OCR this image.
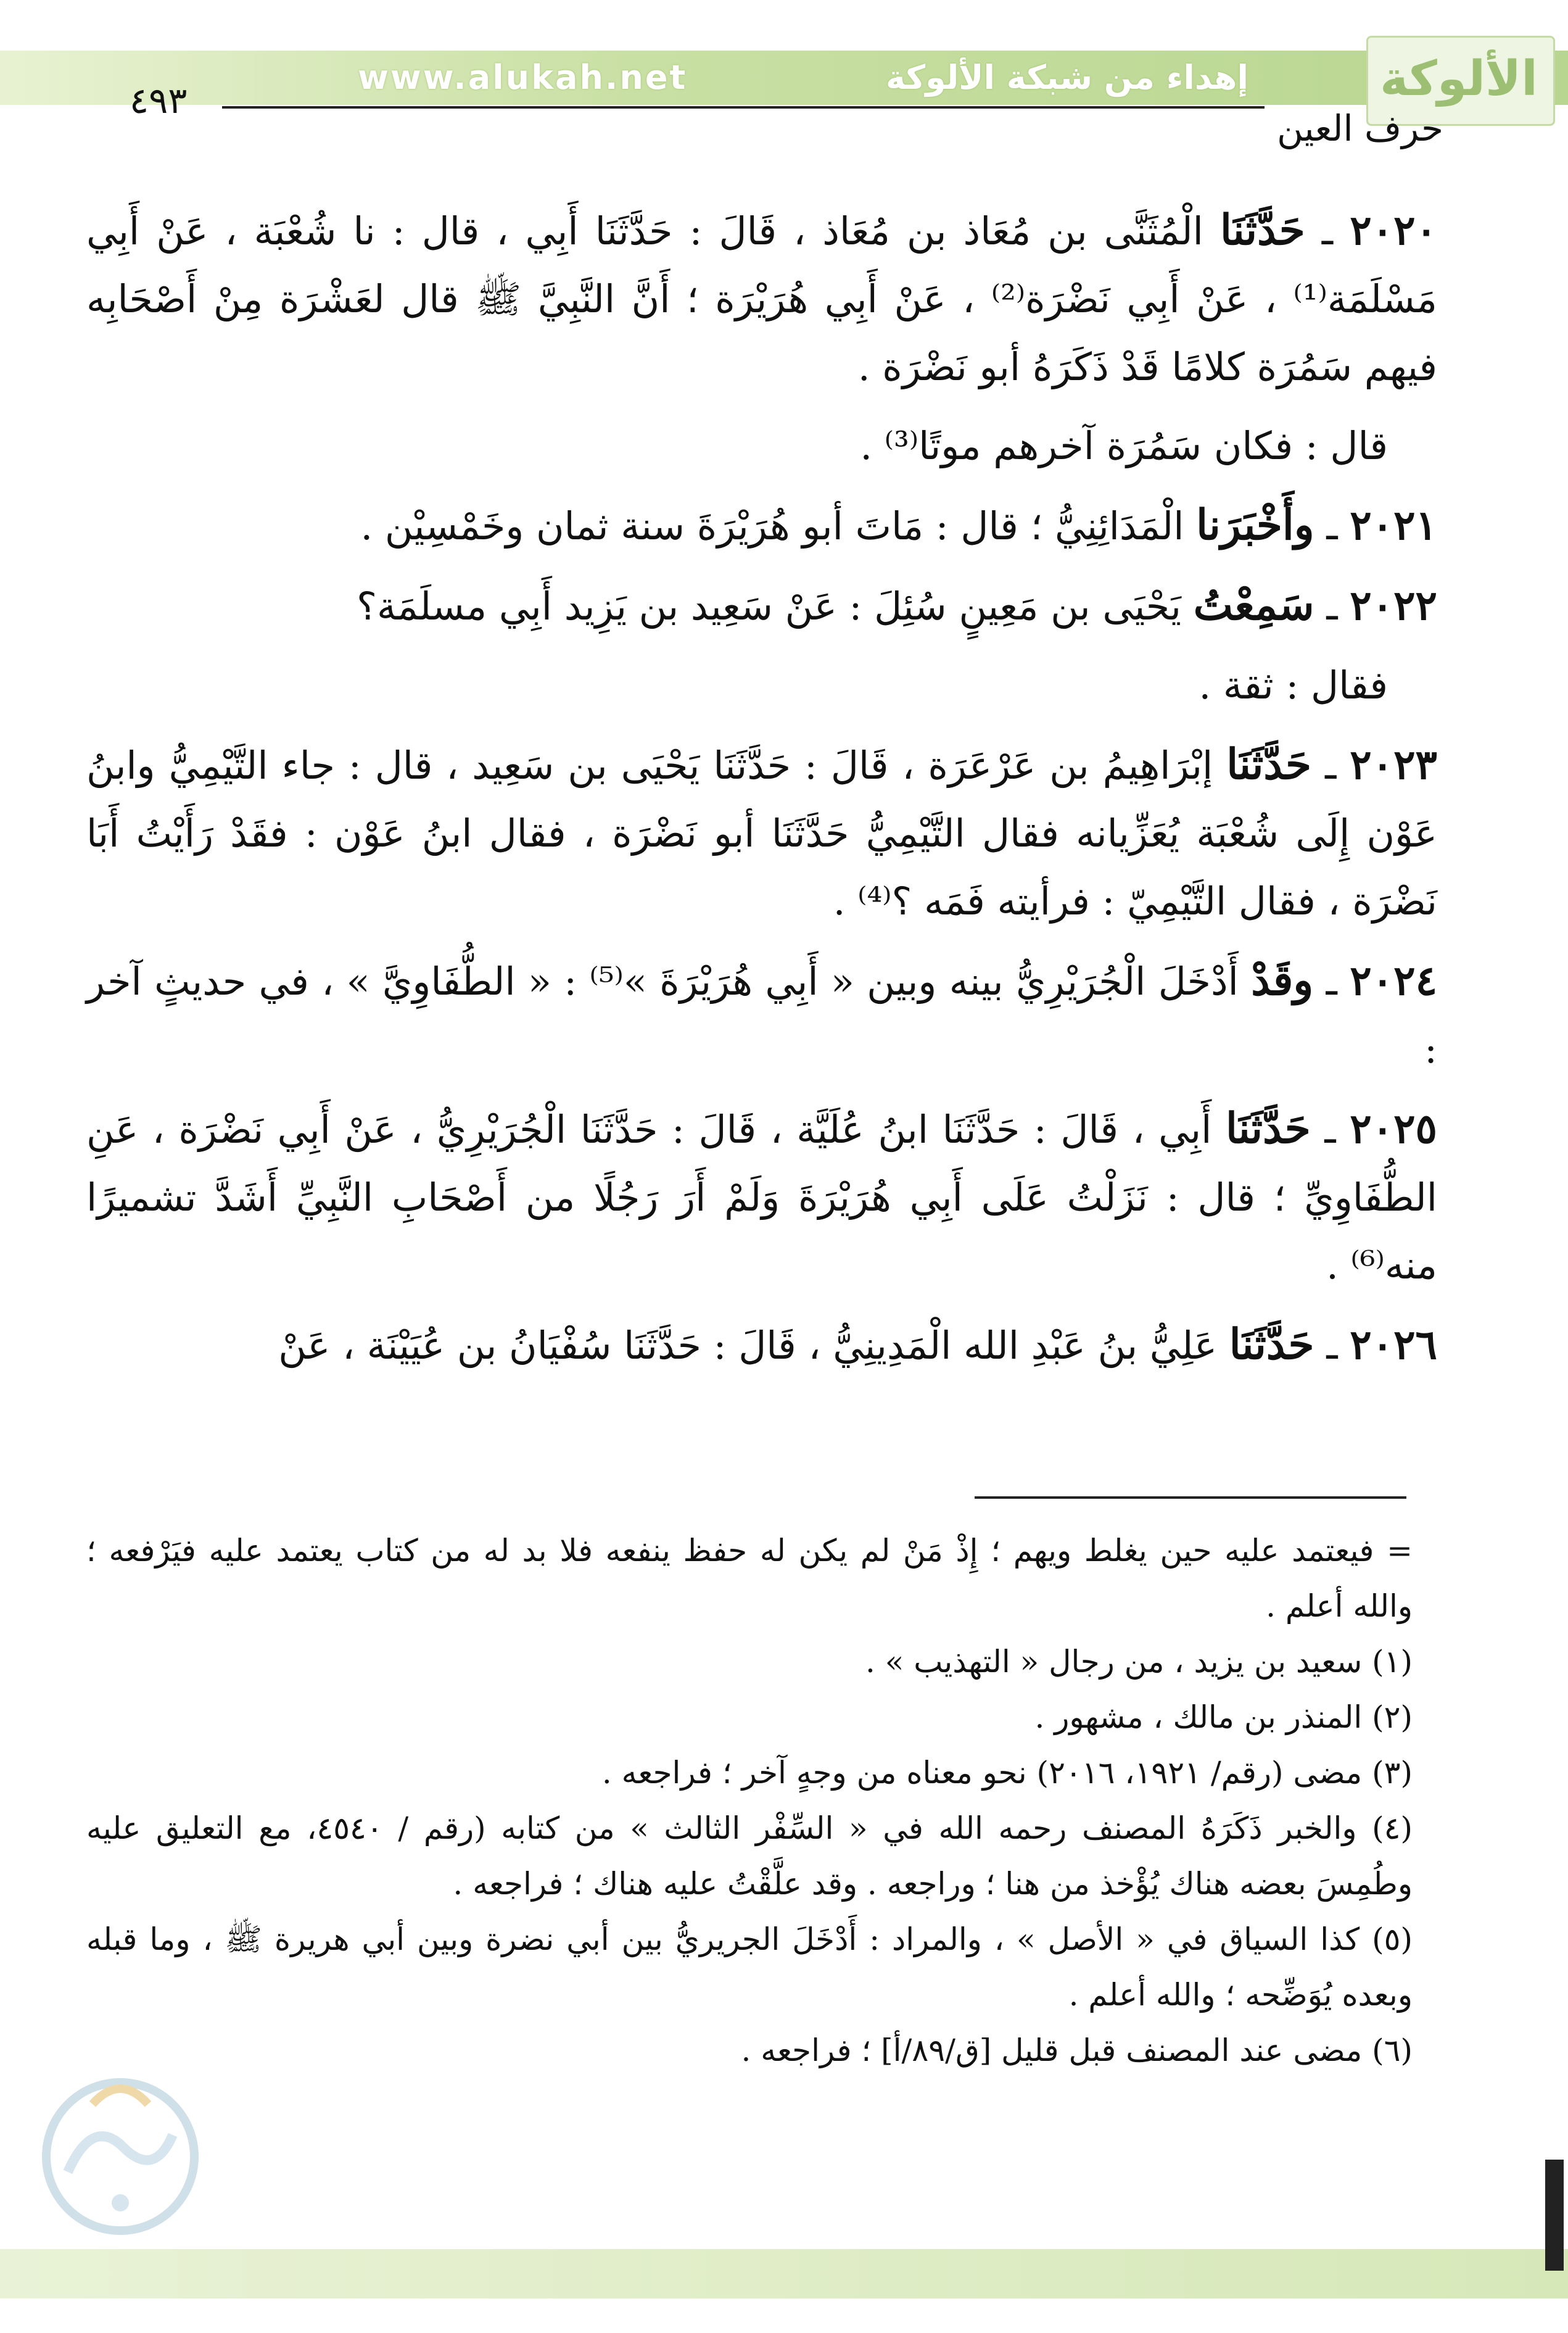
www.alukah.net	إهداء من شبكة الألوكة	الألوكة
٤٩٣
حرف العين

٢٠٢٠ ـ حَدَّثَنَا الْمُثَنَّى بن مُعَاذ بن مُعَاذ ، قَالَ : حَدَّثَنَا أَبِي ، قال : نا شُعْبَة ، عَنْ أَبِي مَسْلَمَة⁽¹⁾ ، عَنْ أَبِي نَضْرَة⁽²⁾ ، عَنْ أَبِي هُرَيْرَة ؛ أَنَّ النَّبِيَّ ﷺ قال لعَشْرَة مِنْ أَصْحَابِه فيهم سَمُرَة كلامًا قَدْ ذَكَرَهُ أبو نَضْرَة .

قال : فكان سَمُرَة آخرهم موتًا⁽³⁾ .

٢٠٢١ ـ وأَخْبَرَنا الْمَدَائِنِيُّ ؛ قال : مَاتَ أبو هُرَيْرَةَ سنة ثمان وخَمْسِيْن .

٢٠٢٢ ـ سَمِعْتُ يَحْيَى بن مَعِينٍ سُئِلَ : عَنْ سَعِيد بن يَزِيد أَبِي مسلَمَة؟

فقال : ثقة .

٢٠٢٣ ـ حَدَّثَنَا إبْرَاهِيمُ بن عَرْعَرَة ، قَالَ : حَدَّثَنَا يَحْيَى بن سَعِيد ، قال : جاء التَّيْمِيُّ وابنُ عَوْن إِلَى شُعْبَة يُعَزِّيانه فقال التَّيْمِيُّ حَدَّثَنَا أبو نَضْرَة ، فقال ابنُ عَوْن : فقَدْ رَأَيْتُ أَبَا نَضْرَة ، فقال التَّيْمِيّ : فرأيته فَمَه ؟⁽⁴⁾ .

٢٠٢٤ ـ وقَدْ أَدْخَلَ الْجُرَيْرِيُّ بينه وبين « أَبِي هُرَيْرَةَ »⁽⁵⁾ : « الطُّفَاوِيَّ » ، في حديثٍ آخر :

٢٠٢٥ ـ حَدَّثَنَا أَبِي ، قَالَ : حَدَّثَنَا ابنُ عُلَيَّة ، قَالَ : حَدَّثَنَا الْجُرَيْرِيُّ ، عَنْ أَبِي نَضْرَة ، عَنِ الطُّفَاوِيِّ ؛ قال : نَزَلْتُ عَلَى أَبِي هُرَيْرَةَ وَلَمْ أَرَ رَجُلًا من أَصْحَابِ النَّبِيِّ أَشَدَّ تشميرًا منه⁽⁶⁾ .

٢٠٢٦ ـ حَدَّثَنَا عَلِيُّ بنُ عَبْدِ الله الْمَدِينِيُّ ، قَالَ : حَدَّثَنَا سُفْيَانُ بن عُيَيْنَة ، عَنْ

= فيعتمد عليه حين يغلط ويهم ؛ إِذْ مَنْ لم يكن له حفظ ينفعه فلا بد له من كتاب يعتمد عليه فيَرْفعه ؛ والله أعلم .

(١) سعيد بن يزيد ، من رجال « التهذيب » .

(٢) المنذر بن مالك ، مشهور .

(٣) مضى (رقم/ ١٩٢١، ٢٠١٦) نحو معناه من وجهٍ آخر ؛ فراجعه .

(٤) والخبر ذَكَرَهُ المصنف رحمه الله في « السِّفْر الثالث » من كتابه (رقم / ٤٥٤٠، مع التعليق عليه وطُمِسَ بعضه هناك يُؤْخذ من هنا ؛ وراجعه . وقد علَّقْتُ عليه هناك ؛ فراجعه .

(٥) كذا السياق في « الأصل » ، والمراد : أَدْخَلَ الجريريُّ بين أبي نضرة وبين أبي هريرة ﷺ ، وما قبله وبعده يُوَضِّحه ؛ والله أعلم .

(٦) مضى عند المصنف قبل قليل [ق/٨٩/أ] ؛ فراجعه .
